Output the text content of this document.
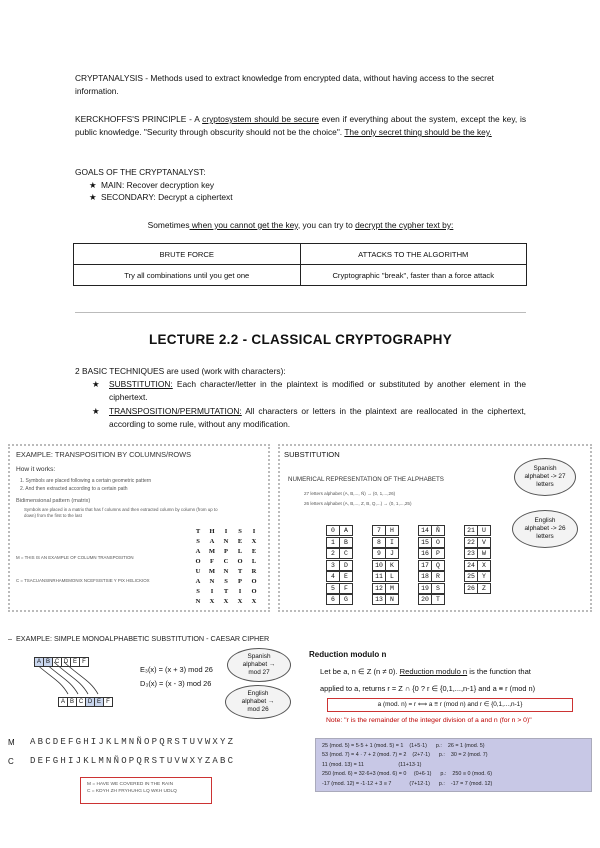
CRYPTANALYSIS - Methods used to extract knowledge from encrypted data, without having access to the secret information.
KERCKHOFFS'S PRINCIPLE - A cryptosystem should be secure even if everything about the system, except the key, is public knowledge. "Security through obscurity should not be the choice". The only secret thing should be the key.
GOALS OF THE CRYPTANALYST:
★ MAIN: Recover decryption key
★ SECONDARY: Decrypt a ciphertext
Sometimes when you cannot get the key, you can try to decrypt the cypher text by:
BRUTE FORCE	ATTACKS TO THE ALGORITHM
Try all combinations until you get one	Cryptographic "break", faster than a force attack
LECTURE 2.2 - CLASSICAL CRYPTOGRAPHY
2 BASIC TECHNIQUES are used (work with characters):
★ SUBSTITUTION: Each character/letter in the plaintext is modified or substituted by another element in the ciphertext.
★ TRANSPOSITION/PERMUTATION: All characters or letters in the plaintext are reallocated in the ciphertext, according to some rule, without any modification.
EXAMPLE: TRANSPOSITION BY COLUMNS/ROWS
How it works:
1. Symbols are placed following a certain geometric pattern
2. And then extracted according to a certain path
Bidimensional pattern (matrix)
Symbols are placed in a matrix that has f columns and then extracted column by column (from up to down) from the first to the last
M = THIS IS AN EXAMPLE OF COLUMN TRANSPOSITION
C = TSACUANSINRHAMEMONIX NCEFSISTSIE Y PIX HELICKIOX
T	H	I	S	I
S	A	N	E	X
A	M	P	L	E
O	F	C	O	L
U	M	N	T	R
A	N	S	P	O
S	I	T	I	O
N	X	X	X	X
SUBSTITUTION
NUMERICAL REPRESENTATION OF THE ALPHABETS
27 letters alphabet (A, B,..., Ñ) → (0, 1,...,26)
26 letters alphabet (A, B,..., Z, B, Q,...) → (0, 1,...,25)
Spanish alphabet -> 27 letters
English alphabet -> 26 letters
0	A	7	H	14	Ñ	21	U
1	B	8	I	15	O	22	V
2	C	9	J	16	P	23	W
3	D	10	K	17	Q	24	X
4	E	11	L	18	R	25	Y
5	F	12	M	19	S	26	Z
6	G	13	N	20	T
– EXAMPLE: SIMPLE MONOALPHABETIC SUBSTITUTION - CAESAR CIPHER
A B C D E F
A B C D E F
E₃(x) = (x + 3) mod 26
D₃(x) = (x - 3) mod 26
Spanish alphabet → mod 27
English alphabet → mod 26
M ABCDEFGHIJKLMNÑOPQRSTUVWXYZ
C DEFGHIJKLMNÑOPQRSTUVWXYZABC
M = HAVE WE COVERED IN THE RAIN
C = KDYH ZH FRYHUHG LQ WKH UDLQ
Reduction modulo n
Let be a, n ∈ Z (n ≠ 0). Reduction modulo n is the function that
applied to a, returns r = Z ∩ {0 ? r ∈ {0,1,...,n-1} and a ≡ r (mod n)
a (mod. n) = r ⟺ a ≡ r (mod n) and r ∈ {0,1,...,n-1}
Note: "r is the remainder of the integer division of a and n (for n > 0)"
25 (mod. 5) = 5·5 + 1 (mod. 5) = 1    (1+5·1)      p.:    26 = 1 (mod. 5)
53 (mod. 7) = 4 · 7 + 2 (mod. 7) = 2    (2+7·1)      p.:    30 = 2 (mod. 7)
11 (mod. 13) = 11                       (11+13·1)
250 (mod. 6) = 32·6+3 (mod. 6) = 0     (0+6·1)      p.:    250 ≡ 0 (mod. 6)
-17 (mod. 12) = -1·12 + 3 ≡ 7            (7+12·1)      p.:    -17 = 7 (mod. 12)
